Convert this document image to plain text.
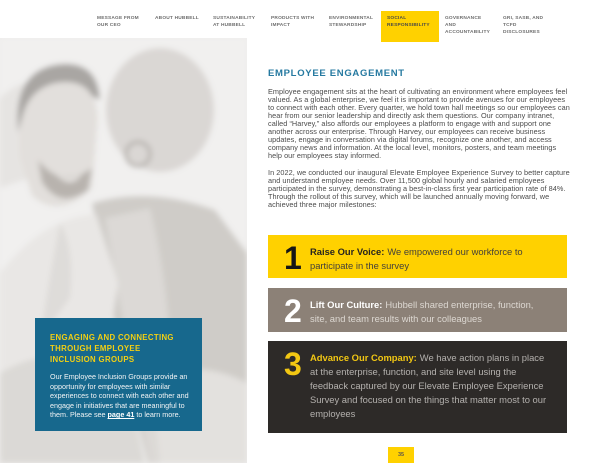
MESSAGE FROM OUR CEO
ABOUT HUBBELL	SUSTAINABILITY AT HUBBELL
PRODUCTS WITH IMPACT
ENVIRONMENTAL STEWARDSHIP
SOCIAL RESPONSIBILITY
GOVERNANCE AND ACCOUNTABILITY
GRI, SASB, AND TCFD DISCLOSURES
ENGAGING AND CONNECTING THROUGH EMPLOYEE INCLUSION GROUPS

Our Employee Inclusion Groups provide an opportunity for employees with similar experiences to connect with each other and engage in initiatives that are meaningful to them. Please see page 41 to learn more.

EMPLOYEE ENGAGEMENT

Employee engagement sits at the heart of cultivating an environment where employees feel valued. As a global enterprise, we feel it is important to provide avenues for our employees to connect with each other. Every quarter, we hold town hall meetings so our employees can hear from our senior leadership and directly ask them questions. Our company intranet, called “Harvey,” also affords our employees a platform to engage with and support one another across our enterprise. Through Harvey, our employees can receive business updates, engage in conversation via digital forums, recognize one another, and access company news and information. At the local level, monitors, posters, and team meetings help our employees stay informed.

In 2022, we conducted our inaugural Elevate Employee Experience Survey to better capture and understand employee needs. Over 11,500 global hourly and salaried employees participated in the survey, demonstrating a best-in-class first year participation rate of 84%. Through the rollout of this survey, which will be launched annually moving forward, we achieved three major milestones:

1 Raise Our Voice: We empowered our workforce to participate in the survey
2 Lift Our Culture: Hubbell shared enterprise, function, site, and team results with our colleagues
3 Advance Our Company: We have action plans in place at the enterprise, function, and site level using the feedback captured by our Elevate Employee Experience Survey and focused on the things that matter most to our employees
35
